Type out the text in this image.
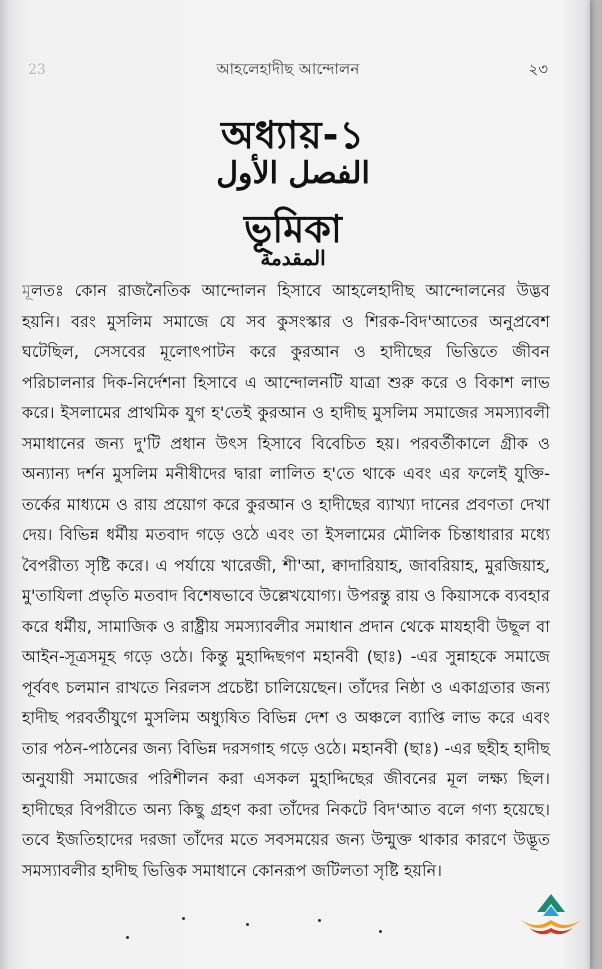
23	আহলেহাদীছ আন্দোলন	২৩
অধ্যায়-১
الفصل الأول
ভূমিকা
المقدمة

মূলতঃ কোন রাজনৈতিক আন্দোলন হিসাবে আহলেহাদীছ আন্দোলনের উদ্ভব হয়নি। বরং মুসলিম সমাজে যে সব কুসংস্কার ও শিরক-বিদ'আতের অনুপ্রবেশ ঘটেছিল, সেসবের মূলোৎপাটন করে কুরআন ও হাদীছের ভিত্তিতে জীবন পরিচালনার দিক-নির্দেশনা হিসাবে এ আন্দোলনটি যাত্রা শুরু করে ও বিকাশ লাভ করে। ইসলামের প্রাথমিক যুগ হ'তেই কুরআন ও হাদীছ মুসলিম সমাজের সমস্যাবলী সমাধানের জন্য দু'টি প্রধান উৎস হিসাবে বিবেচিত হয়। পরবর্তীকালে গ্রীক ও অন্যান্য দর্শন মুসলিম মনীষীদের দ্বারা লালিত হ'তে থাকে এবং এর ফলেই যুক্তি-তর্কের মাধ্যমে ও রায় প্রয়োগ করে কুরআন ও হাদীছের ব্যাখ্যা দানের প্রবণতা দেখা দেয়। বিভিন্ন ধর্মীয় মতবাদ গড়ে ওঠে এবং তা ইসলামের মৌলিক চিন্তাধারার মধ্যে বৈপরীত্য সৃষ্টি করে। এ পর্যায়ে খারেজী, শী'আ, ক্বাদারিয়াহ, জাবরিয়াহ, মুরজিয়াহ, মু'তাযিলা প্রভৃতি মতবাদ বিশেষভাবে উল্লেখযোগ্য। উপরন্তু রায় ও কিয়াসকে ব্যবহার করে ধর্মীয়, সামাজিক ও রাষ্ট্রীয় সমস্যাবলীর সমাধান প্রদান থেকে মাযহাবী উছূল বা আইন-সূত্রসমূহ গড়ে ওঠে। কিন্তু মুহাদ্দিছগণ মহানবী (ছাঃ) -এর সুন্নাহকে সমাজে পূর্ববৎ চলমান রাখতে নিরলস প্রচেষ্টা চালিয়েছেন। তাঁদের নিষ্ঠা ও একাগ্রতার জন্য হাদীছ পরবর্তীযুগে মুসলিম অধ্যুষিত বিভিন্ন দেশ ও অঞ্চলে ব্যাপ্তি লাভ করে এবং তার পঠন-পাঠনের জন্য বিভিন্ন দরসগাহ গড়ে ওঠে। মহানবী (ছাঃ) -এর ছহীহ হাদীছ অনুযায়ী সমাজের পরিশীলন করা এসকল মুহাদ্দিছের জীবনের মূল লক্ষ্য ছিল। হাদীছের বিপরীতে অন্য কিছু গ্রহণ করা তাঁদের নিকটে বিদ'আত বলে গণ্য হয়েছে। তবে ইজতিহাদের দরজা তাঁদের মতে সবসময়ের জন্য উন্মুক্ত থাকার কারণে উদ্ভূত সমস্যাবলীর হাদীছ ভিত্তিক সমাধানে কোনরূপ জটিলতা সৃষ্টি হয়নি।
